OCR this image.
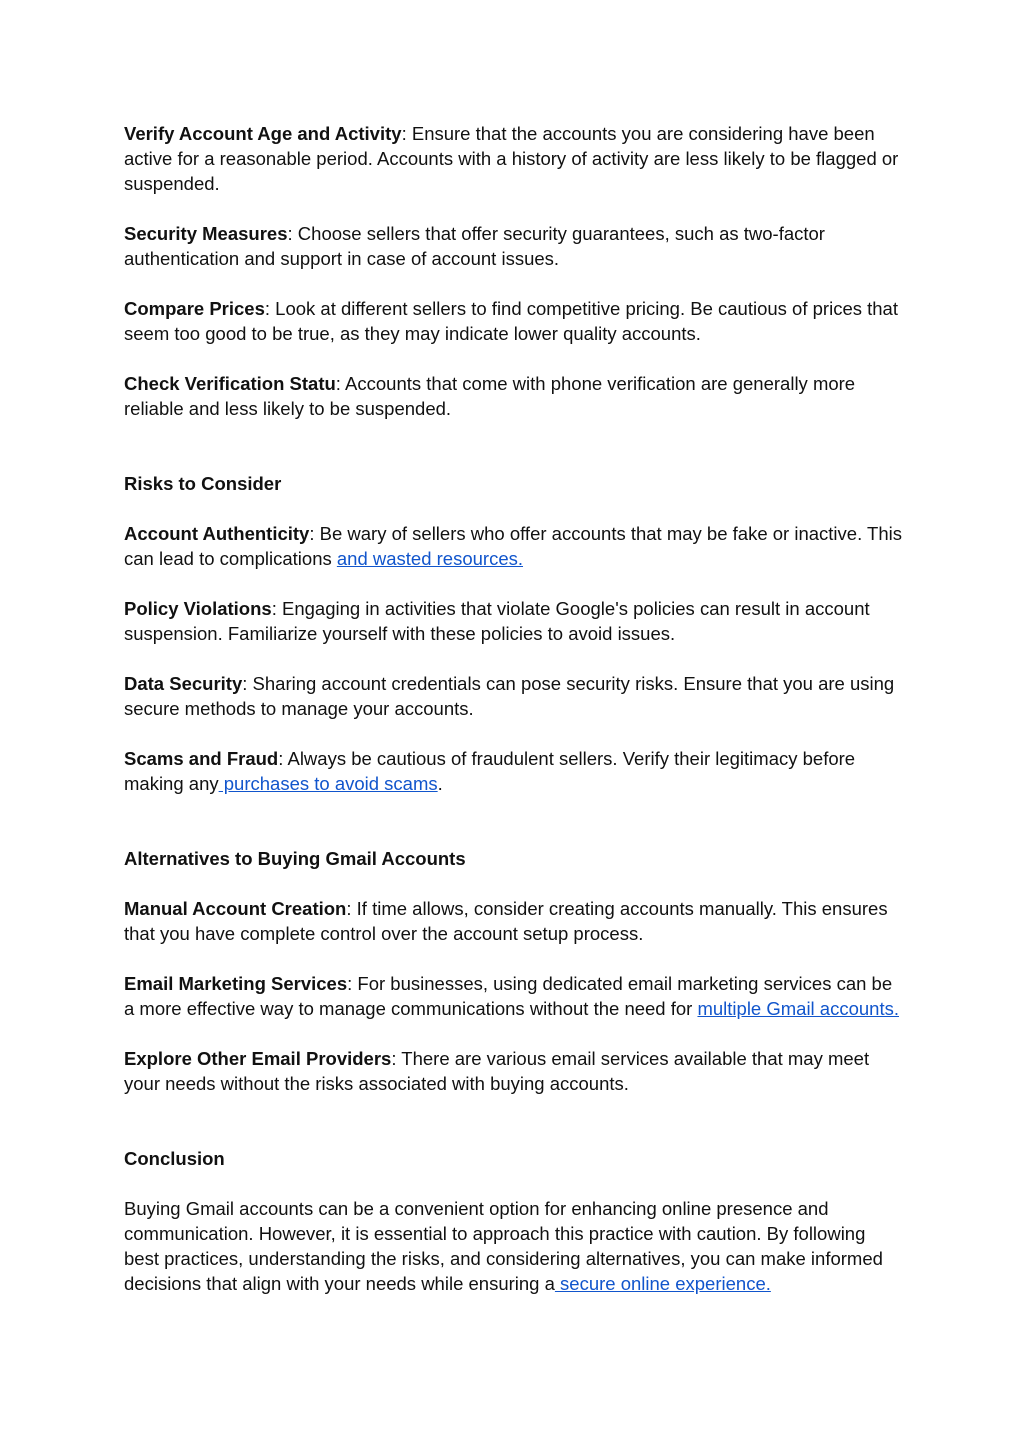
Verify Account Age and Activity: Ensure that the accounts you are considering have been active for a reasonable period. Accounts with a history of activity are less likely to be flagged or suspended.

Security Measures: Choose sellers that offer security guarantees, such as two-factor authentication and support in case of account issues.

Compare Prices: Look at different sellers to find competitive pricing. Be cautious of prices that seem too good to be true, as they may indicate lower quality accounts.

Check Verification Statu: Accounts that come with phone verification are generally more reliable and less likely to be suspended.

Risks to Consider

Account Authenticity: Be wary of sellers who offer accounts that may be fake or inactive. This can lead to complications and wasted resources.

Policy Violations: Engaging in activities that violate Google's policies can result in account suspension. Familiarize yourself with these policies to avoid issues.

Data Security: Sharing account credentials can pose security risks. Ensure that you are using secure methods to manage your accounts.

Scams and Fraud: Always be cautious of fraudulent sellers. Verify their legitimacy before making any purchases to avoid scams.

Alternatives to Buying Gmail Accounts

Manual Account Creation: If time allows, consider creating accounts manually. This ensures that you have complete control over the account setup process.

Email Marketing Services: For businesses, using dedicated email marketing services can be a more effective way to manage communications without the need for multiple Gmail accounts.

Explore Other Email Providers: There are various email services available that may meet your needs without the risks associated with buying accounts.

Conclusion

Buying Gmail accounts can be a convenient option for enhancing online presence and communication. However, it is essential to approach this practice with caution. By following best practices, understanding the risks, and considering alternatives, you can make informed decisions that align with your needs while ensuring a secure online experience.
